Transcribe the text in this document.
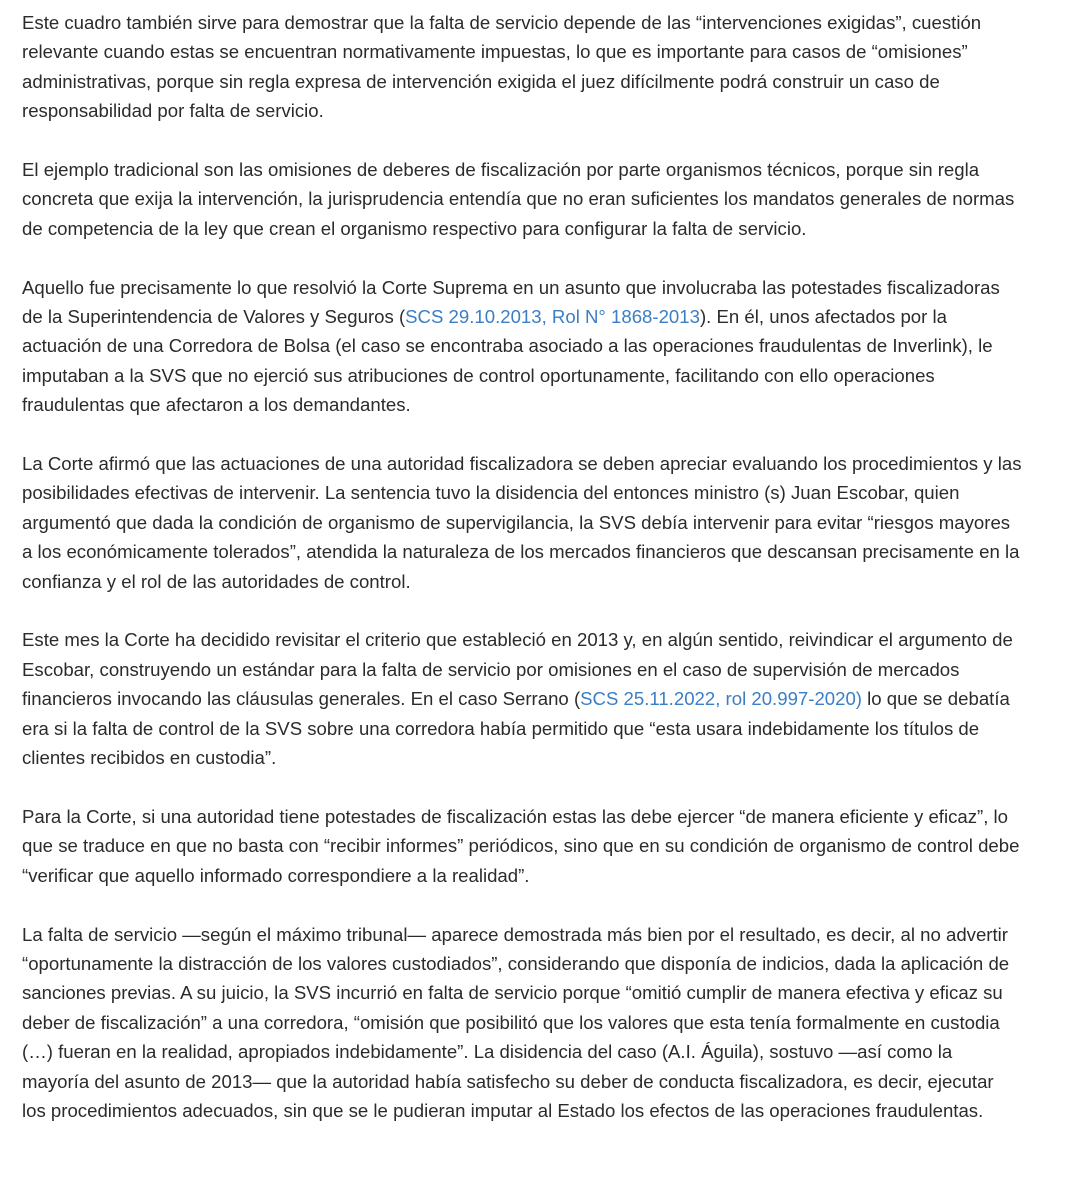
Este cuadro también sirve para demostrar que la falta de servicio depende de las “intervenciones exigidas”, cuestión relevante cuando estas se encuentran normativamente impuestas, lo que es importante para casos de “omisiones” administrativas, porque sin regla expresa de intervención exigida el juez difícilmente podrá construir un caso de responsabilidad por falta de servicio.

El ejemplo tradicional son las omisiones de deberes de fiscalización por parte organismos técnicos, porque sin regla concreta que exija la intervención, la jurisprudencia entendía que no eran suficientes los mandatos generales de normas de competencia de la ley que crean el organismo respectivo para configurar la falta de servicio.

Aquello fue precisamente lo que resolvió la Corte Suprema en un asunto que involucraba las potestades fiscalizadoras de la Superintendencia de Valores y Seguros (SCS 29.10.2013, Rol N° 1868-2013). En él, unos afectados por la actuación de una Corredora de Bolsa (el caso se encontraba asociado a las operaciones fraudulentas de Inverlink), le imputaban a la SVS que no ejerció sus atribuciones de control oportunamente, facilitando con ello operaciones fraudulentas que afectaron a los demandantes.

La Corte afirmó que las actuaciones de una autoridad fiscalizadora se deben apreciar evaluando los procedimientos y las posibilidades efectivas de intervenir. La sentencia tuvo la disidencia del entonces ministro (s) Juan Escobar, quien argumentó que dada la condición de organismo de supervigilancia, la SVS debía intervenir para evitar “riesgos mayores a los económicamente tolerados”, atendida la naturaleza de los mercados financieros que descansan precisamente en la confianza y el rol de las autoridades de control.

Este mes la Corte ha decidido revisitar el criterio que estableció en 2013 y, en algún sentido, reivindicar el argumento de Escobar, construyendo un estándar para la falta de servicio por omisiones en el caso de supervisión de mercados financieros invocando las cláusulas generales. En el caso Serrano (SCS 25.11.2022, rol 20.997-2020) lo que se debatía era si la falta de control de la SVS sobre una corredora había permitido que “esta usara indebidamente los títulos de clientes recibidos en custodia”.

Para la Corte, si una autoridad tiene potestades de fiscalización estas las debe ejercer “de manera eficiente y eficaz”, lo que se traduce en que no basta con “recibir informes” periódicos, sino que en su condición de organismo de control debe “verificar que aquello informado correspondiere a la realidad”.

La falta de servicio —según el máximo tribunal— aparece demostrada más bien por el resultado, es decir, al no advertir “oportunamente la distracción de los valores custodiados”, considerando que disponía de indicios, dada la aplicación de sanciones previas. A su juicio, la SVS incurrió en falta de servicio porque “omitió cumplir de manera efectiva y eficaz su deber de fiscalización” a una corredora, “omisión que posibilitó que los valores que esta tenía formalmente en custodia (…) fueran en la realidad, apropiados indebidamente”. La disidencia del caso (A.I. Águila), sostuvo —así como la mayoría del asunto de 2013— que la autoridad había satisfecho su deber de conducta fiscalizadora, es decir, ejecutar los procedimientos adecuados, sin que se le pudieran imputar al Estado los efectos de las operaciones fraudulentas.
